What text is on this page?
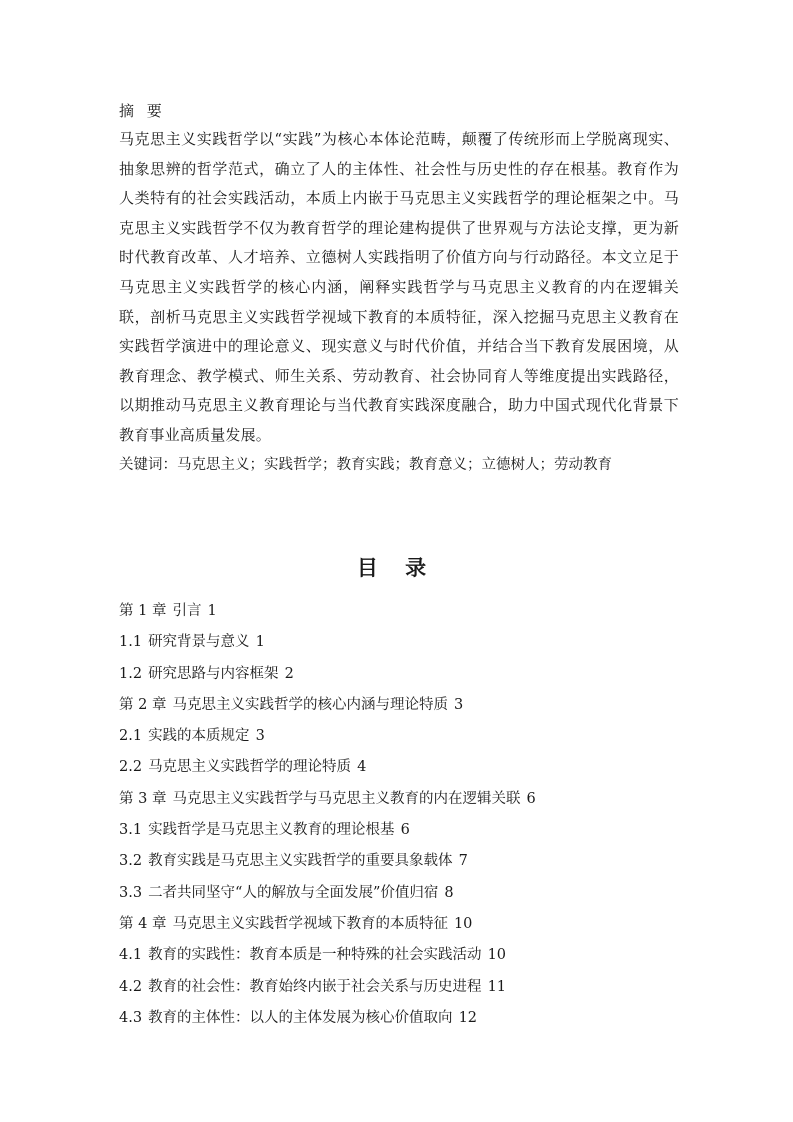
摘 要
马克思主义实践哲学以“实践”为核心本体论范畴，颠覆了传统形而上学脱离现实、抽象思辨的哲学范式，确立了人的主体性、社会性与历史性的存在根基。教育作为人类特有的社会实践活动，本质上内嵌于马克思主义实践哲学的理论框架之中。马克思主义实践哲学不仅为教育哲学的理论建构提供了世界观与方法论支撑，更为新时代教育改革、人才培养、立德树人实践指明了价值方向与行动路径。本文立足于马克思主义实践哲学的核心内涵，阐释实践哲学与马克思主义教育的内在逻辑关联，剖析马克思主义实践哲学视域下教育的本质特征，深入挖掘马克思主义教育在实践哲学演进中的理论意义、现实意义与时代价值，并结合当下教育发展困境，从教育理念、教学模式、师生关系、劳动教育、社会协同育人等维度提出实践路径，以期推动马克思主义教育理论与当代教育实践深度融合，助力中国式现代化背景下教育事业高质量发展。
关键词：马克思主义；实践哲学；教育实践；教育意义；立德树人；劳动教育
目 录
第 1 章 引言 1
1.1 研究背景与意义 1
1.2 研究思路与内容框架 2
第 2 章 马克思主义实践哲学的核心内涵与理论特质 3
2.1 实践的本质规定 3
2.2 马克思主义实践哲学的理论特质 4
第 3 章 马克思主义实践哲学与马克思主义教育的内在逻辑关联 6
3.1 实践哲学是马克思主义教育的理论根基 6
3.2 教育实践是马克思主义实践哲学的重要具象载体 7
3.3 二者共同坚守“人的解放与全面发展”价值归宿 8
第 4 章 马克思主义实践哲学视域下教育的本质特征 10
4.1 教育的实践性：教育本质是一种特殊的社会实践活动 10
4.2 教育的社会性：教育始终内嵌于社会关系与历史进程 11
4.3 教育的主体性：以人的主体发展为核心价值取向 12
